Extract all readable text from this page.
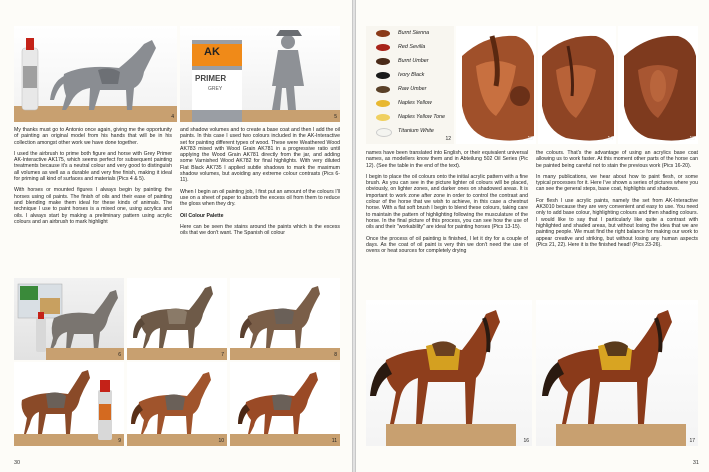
4
AK
PRIMER
GREY
5

My thanks must go to Antonio once again, giving me the opportunity of painting an original model from his hands that will be in his collection amongst other work we have done together.

I used the airbrush to prime both figure and horse with Grey Primer AK-Interactive AK175, which seems perfect for subsequent painting treatments because it's a neutral colour and very good to distinguish all volumes as well as a durable and very fine finish, making it ideal for priming all kind of surfaces and materials (Pics 4 & 5).

With horses or mounted figures I always begin by painting the horses using oil paints. The finish of oils and their ease of painting and blending make them ideal for these kinds of animals. The technique I use to paint horses is a mixed one, using acrylics and oils. I always start by making a preliminary pattern using acrylic colours and an airbrush to mark highlight

and shadow volumes and to create a base coat and then I add the oil paints. In this case I used two colours included in the AK-Interactive set for painting different types of wood. These were Weathered Wood AK783 mixed with Wood Grain AK781 in a progressive ratio until applying the Wood Grain AK781 directly from the jar, and adding some Varnished Wood AK782 for final highlights. With very diluted Flat Black AK735 I applied subtle shadows to mark the maximum shadow volumes, but avoiding any extreme colour contrasts (Pics 6-11).

When I begin an oil painting job, I first put an amount of the colours I'll use on a sheet of paper to absorb the excess oil from them to reduce the gloss when they dry.

Oil Colour Palette

Here can be seen the stains around the paints which is the excess oils that we don't want. The Spanish oil colour

6	7	8
9	10	11
30
Burnt Sienna
Red Sevilla
Burnt Umber
Ivory Black
Raw Umber
Naples Yellow
Naples Yellow Tone
Titanium White
12	13	14	15

names have been translated into English, or their equivalent universal names, as modellers know them and in Abteilung 502 Oil Series (Pic 12). (See the table in the end of the text).

I begin to place the oil colours onto the initial acrylic pattern with a fine brush. As you can see in the picture lighter oil colours will be placed, obviously, on lighter zones, and darker ones on shadowed areas. It is important to work zone after zone in order to control the contrast and colour of the horse that we wish to achieve, in this case a chestnut horse. With a flat soft brush I begin to blend these colours, taking care to maintain the pattern of highlighting following the musculature of the horse. In the final picture of this process, you can see how the use of oils and their "workability" are ideal for painting horses (Pics 13-15).

Once the process of oil painting is finished, I let it dry for a couple of days. As the coat of oil paint is very thin we don't need the use of ovens or heat sources for completely drying

the colours. That's the advantage of using an acrylics base coat allowing us to work faster. At this moment other parts of the horse can be painted being careful not to stain the previous work (Pics 16-20).

In many publications, we hear about how to paint flesh, or some typical processes for it. Here I've shown a series of pictures where you can see the general steps, base coat, highlights and shadows.

For flesh I use acrylic paints, namely the set from AK-Interactive AK3010 because they are very convenient and easy to use. You need only to add base colour, highlighting colours and then shading colours. I would like to say that I particularly like quite a contrast with highlighted and shaded areas, but without losing the idea that we are painting people. We must find the right balance for making our work to appear creative and striking, but without losing any human aspects (Pics 21, 22). Here it is the finished head! (Pics 23-26).

16	17
31
